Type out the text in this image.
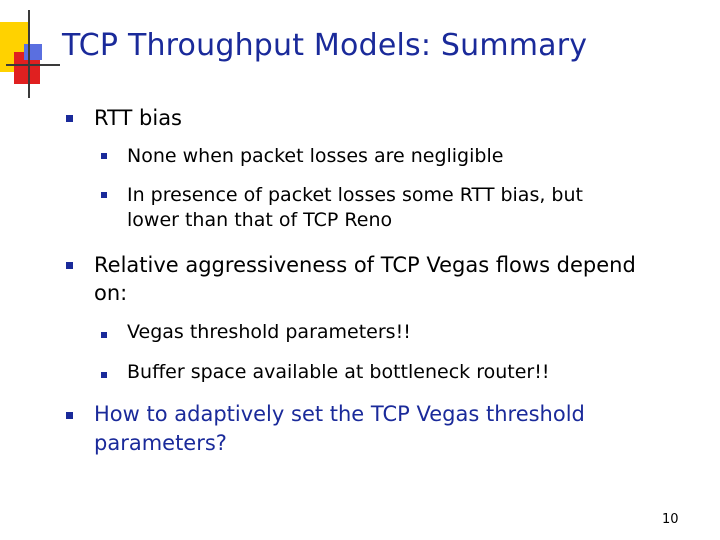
TCP Throughput Models: Summary
RTT bias
None when packet losses are negligible
In presence of packet losses some RTT bias, but
lower than that of TCP Reno
Relative aggressiveness of TCP Vegas flows depend
on:
Vegas threshold parameters!!
Buffer space available at bottleneck router!!
How to adaptively set the TCP Vegas threshold
parameters?
10
